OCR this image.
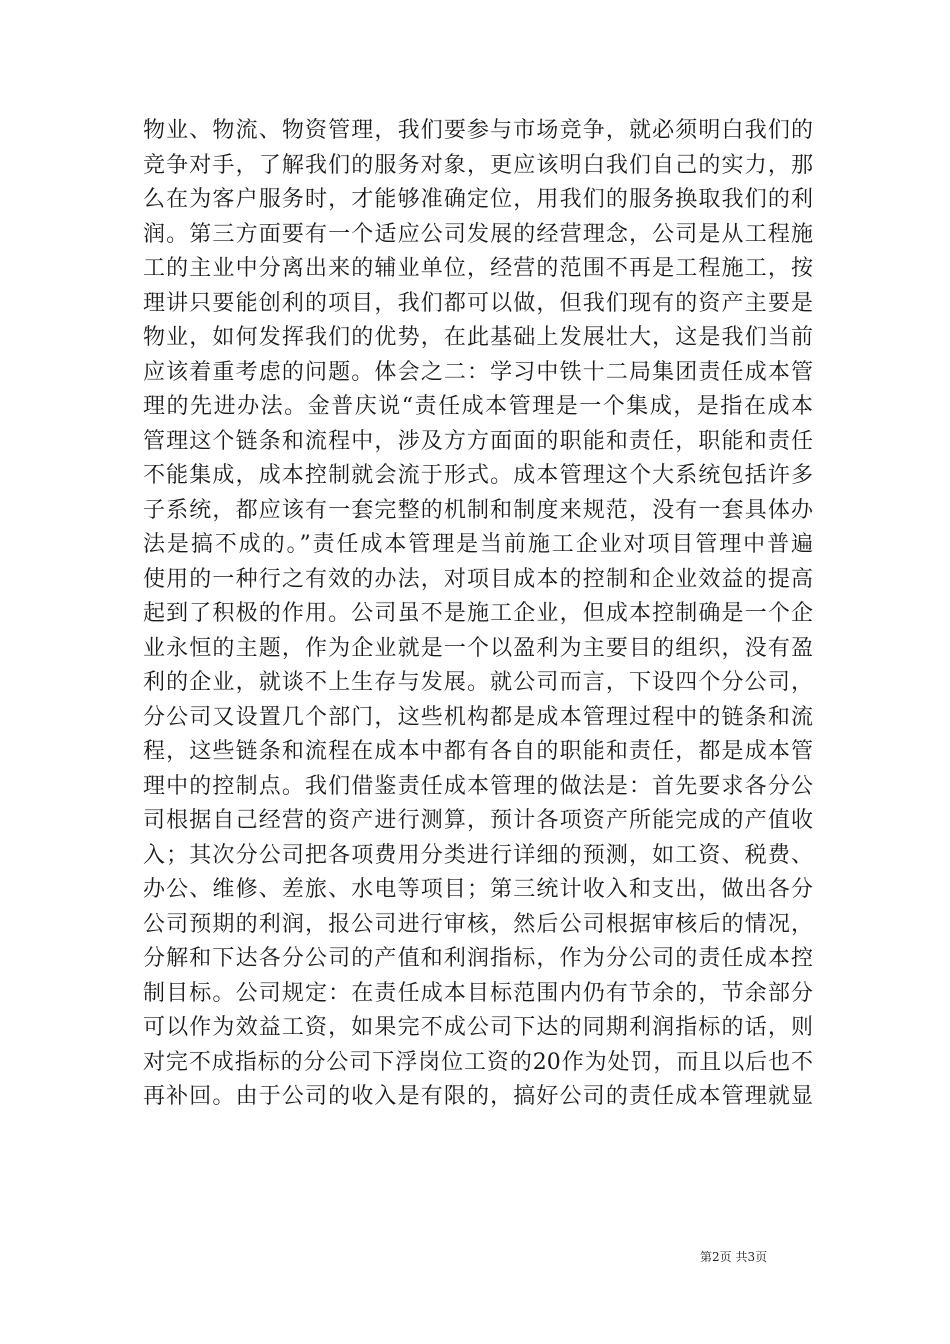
物业、物流、物资管理，我们要参与市场竞争，就必须明白我们的
竞争对手，了解我们的服务对象，更应该明白我们自己的实力，那
么在为客户服务时，才能够准确定位，用我们的服务换取我们的利
润。第三方面要有一个适应公司发展的经营理念，公司是从工程施
工的主业中分离出来的辅业单位，经营的范围不再是工程施工，按
理讲只要能创利的项目，我们都可以做，但我们现有的资产主要是
物业，如何发挥我们的优势，在此基础上发展壮大，这是我们当前
应该着重考虑的问题。体会之二：学习中铁十二局集团责任成本管
理的先进办法。金普庆说“责任成本管理是一个集成，是指在成本
管理这个链条和流程中，涉及方方面面的职能和责任，职能和责任
不能集成，成本控制就会流于形式。成本管理这个大系统包括许多
子系统，都应该有一套完整的机制和制度来规范，没有一套具体办
法是搞不成的。”责任成本管理是当前施工企业对项目管理中普遍
使用的一种行之有效的办法，对项目成本的控制和企业效益的提高
起到了积极的作用。公司虽不是施工企业，但成本控制确是一个企
业永恒的主题，作为企业就是一个以盈利为主要目的组织，没有盈
利的企业，就谈不上生存与发展。就公司而言，下设四个分公司，
分公司又设置几个部门，这些机构都是成本管理过程中的链条和流
程，这些链条和流程在成本中都有各自的职能和责任，都是成本管
理中的控制点。我们借鉴责任成本管理的做法是：首先要求各分公
司根据自己经营的资产进行测算，预计各项资产所能完成的产值收
入；其次分公司把各项费用分类进行详细的预测，如工资、税费、
办公、维修、差旅、水电等项目；第三统计收入和支出，做出各分
公司预期的利润，报公司进行审核，然后公司根据审核后的情况，
分解和下达各分公司的产值和利润指标，作为分公司的责任成本控
制目标。公司规定：在责任成本目标范围内仍有节余的，节余部分
可以作为效益工资，如果完不成公司下达的同期利润指标的话，则
对完不成指标的分公司下浮岗位工资的20作为处罚，而且以后也不
再补回。由于公司的收入是有限的，搞好公司的责任成本管理就显
第2页 共3页
